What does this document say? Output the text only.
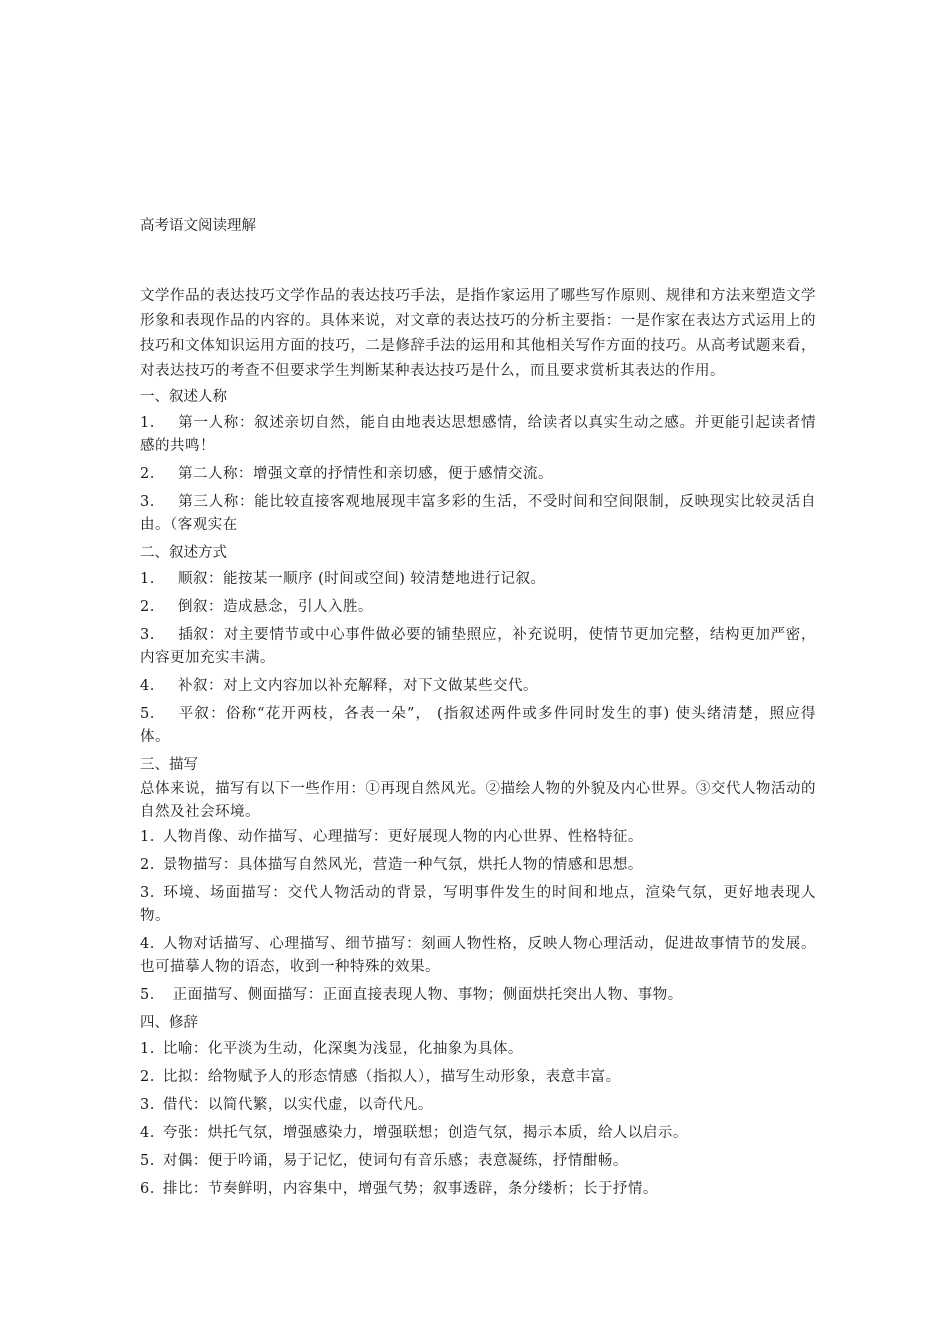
高考语文阅读理解

文学作品的表达技巧文学作品的表达技巧手法，是指作家运用了哪些写作原则、规律和方法来塑造文学形象和表现作品的内容的。具体来说，对文章的表达技巧的分析主要指：一是作家在表达方式运用上的技巧和文体知识运用方面的技巧，二是修辞手法的运用和其他相关写作方面的技巧。从高考试题来看，对表达技巧的考查不但要求学生判断某种表达技巧是什么，而且要求赏析其表达的作用。

一、叙述人称

1. 第一人称：叙述亲切自然，能自由地表达思想感情，给读者以真实生动之感。并更能引起读者情感的共鸣！

2. 第二人称：增强文章的抒情性和亲切感，便于感情交流。

3. 第三人称：能比较直接客观地展现丰富多彩的生活，不受时间和空间限制，反映现实比较灵活自由。（客观实在

二、叙述方式

1. 顺叙：能按某一顺序 (时间或空间) 较清楚地进行记叙。

2. 倒叙：造成悬念，引人入胜。

3. 插叙：对主要情节或中心事件做必要的铺垫照应，补充说明，使情节更加完整，结构更加严密，内容更加充实丰满。

4. 补叙：对上文内容加以补充解释，对下文做某些交代。

5. 平叙：俗称“花开两枝，各表一朵”， (指叙述两件或多件同时发生的事) 使头绪清楚，照应得体。

三、描写

总体来说，描写有以下一些作用：①再现自然风光。②描绘人物的外貌及内心世界。③交代人物活动的自然及社会环境。

1. 人物肖像、动作描写、心理描写：更好展现人物的内心世界、性格特征。

2. 景物描写：具体描写自然风光，营造一种气氛，烘托人物的情感和思想。

3. 环境、场面描写：交代人物活动的背景，写明事件发生的时间和地点，渲染气氛，更好地表现人物。

4. 人物对话描写、心理描写、细节描写：刻画人物性格，反映人物心理活动，促进故事情节的发展。也可描摹人物的语态，收到一种特殊的效果。

5． 正面描写、侧面描写：正面直接表现人物、事物；侧面烘托突出人物、事物。

四、修辞

1. 比喻：化平淡为生动，化深奥为浅显，化抽象为具体。

2. 比拟：给物赋予人的形态情感（指拟人），描写生动形象，表意丰富。

3. 借代：以简代繁，以实代虚，以奇代凡。

4. 夸张：烘托气氛，增强感染力，增强联想；创造气氛，揭示本质，给人以启示。

5. 对偶：便于吟诵，易于记忆，使词句有音乐感；表意凝练，抒情酣畅。

6. 排比：节奏鲜明，内容集中，增强气势；叙事透辟，条分缕析；长于抒情。
